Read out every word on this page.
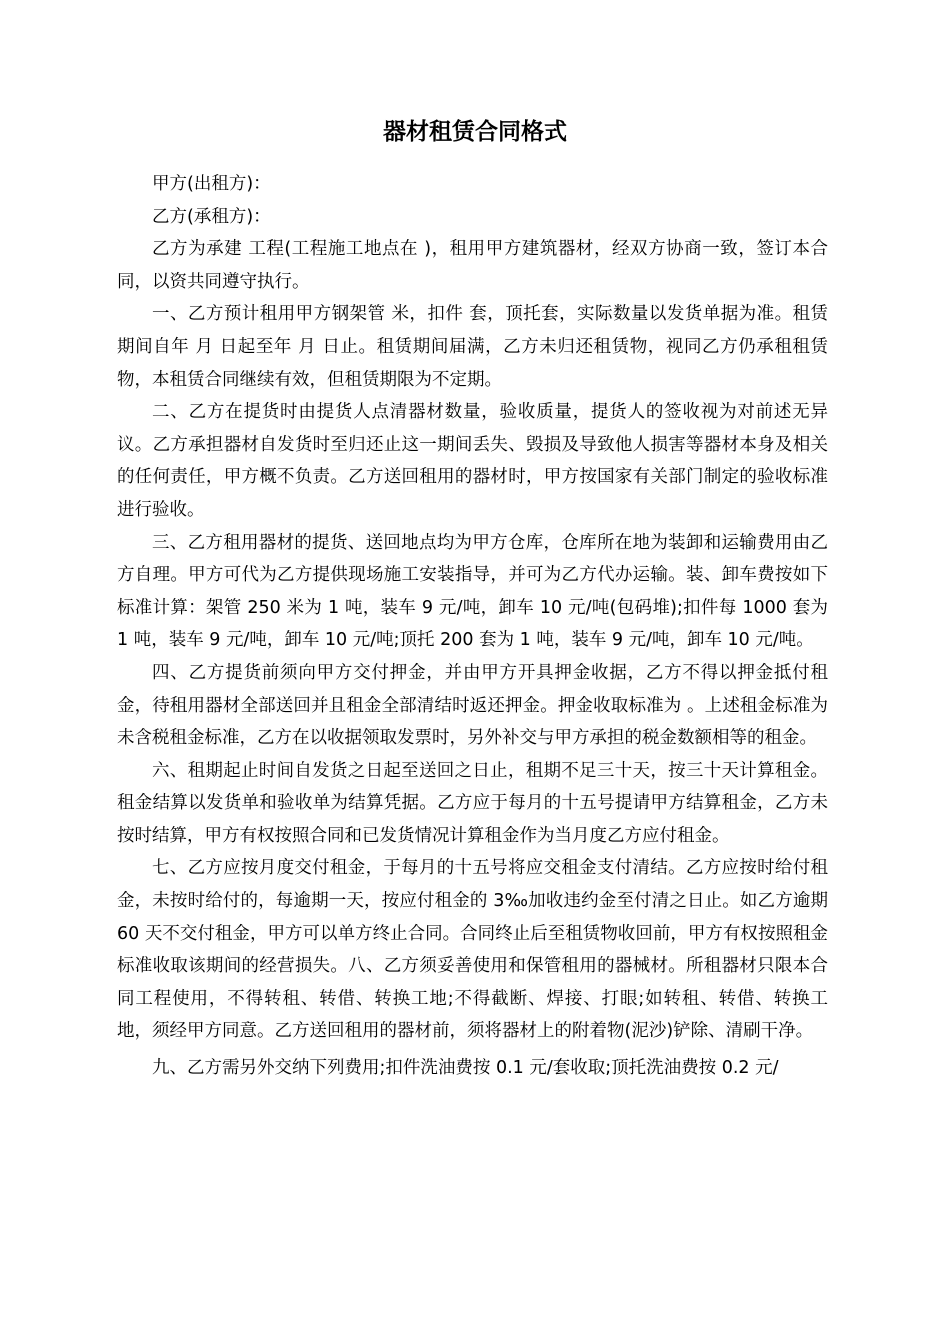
器材租赁合同格式

甲方(出租方)：

乙方(承租方)：

乙方为承建 工程(工程施工地点在 )，租用甲方建筑器材，经双方协商一致，签订本合同，以资共同遵守执行。

一、乙方预计租用甲方钢架管 米，扣件 套，顶托套，实际数量以发货单据为准。租赁期间自年 月 日起至年 月 日止。租赁期间届满，乙方未归还租赁物，视同乙方仍承租租赁物，本租赁合同继续有效，但租赁期限为不定期。

二、乙方在提货时由提货人点清器材数量，验收质量，提货人的签收视为对前述无异议。乙方承担器材自发货时至归还止这一期间丢失、毁损及导致他人损害等器材本身及相关的任何责任，甲方概不负责。乙方送回租用的器材时，甲方按国家有关部门制定的验收标准进行验收。

三、乙方租用器材的提货、送回地点均为甲方仓库，仓库所在地为装卸和运输费用由乙方自理。甲方可代为乙方提供现场施工安装指导，并可为乙方代办运输。装、卸车费按如下标准计算：架管 250 米为 1 吨，装车 9 元/吨，卸车 10 元/吨(包码堆);扣件每 1000 套为 1 吨，装车 9 元/吨，卸车 10 元/吨;顶托 200 套为 1 吨，装车 9 元/吨，卸车 10 元/吨。

四、乙方提货前须向甲方交付押金，并由甲方开具押金收据，乙方不得以押金抵付租金，待租用器材全部送回并且租金全部清结时返还押金。押金收取标准为 。上述租金标准为未含税租金标准，乙方在以收据领取发票时，另外补交与甲方承担的税金数额相等的租金。

六、租期起止时间自发货之日起至送回之日止，租期不足三十天，按三十天计算租金。租金结算以发货单和验收单为结算凭据。乙方应于每月的十五号提请甲方结算租金，乙方未按时结算，甲方有权按照合同和已发货情况计算租金作为当月度乙方应付租金。

七、乙方应按月度交付租金，于每月的十五号将应交租金支付清结。乙方应按时给付租金，未按时给付的，每逾期一天，按应付租金的 3‰加收违约金至付清之日止。如乙方逾期 60 天不交付租金，甲方可以单方终止合同。合同终止后至租赁物收回前，甲方有权按照租金标准收取该期间的经营损失。八、乙方须妥善使用和保管租用的器械材。所租器材只限本合同工程使用，不得转租、转借、转换工地;不得截断、焊接、打眼;如转租、转借、转换工地，须经甲方同意。乙方送回租用的器材前，须将器材上的附着物(泥沙)铲除、清刷干净。

九、乙方需另外交纳下列费用;扣件洗油费按 0.1 元/套收取;顶托洗油费按 0.2 元/
